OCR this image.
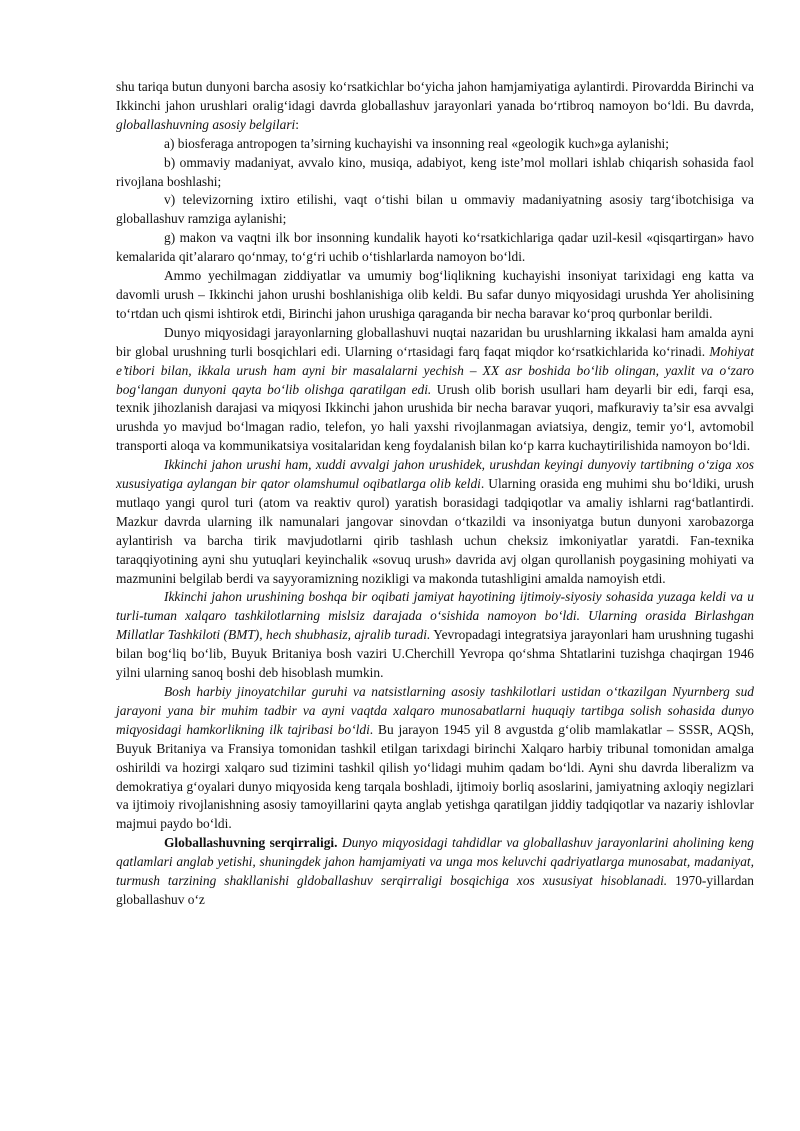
shu tariqa butun dunyoni barcha asosiy ko‘rsatkichlar bo‘yicha jahon hamjamiyatiga aylantirdi. Pirovardda Birinchi va Ikkinchi jahon urushlari oralig‘idagi davrda globallashuv jarayonlari yanada bo‘rtibroq namoyon bo‘ldi. Bu davrda, globallashuvning asosiy belgilari:

a) biosferaga antropogen ta’sirning kuchayishi va insonning real «geologik kuch»ga aylanishi;

b) ommaviy madaniyat, avvalo kino, musiqa, adabiyot, keng iste’mol mollari ishlab chiqarish sohasida faol rivojlana boshlashi;

v) televizorning ixtiro etilishi, vaqt o‘tishi bilan u ommaviy madaniyatning asosiy targ‘ibotchisiga va globallashuv ramziga aylanishi;

g) makon va vaqtni ilk bor insonning kundalik hayoti ko‘rsatkichlariga qadar uzil-kesil «qisqartirgan» havo kemalarida qit’alararo qo‘nmay, to‘g‘ri uchib o‘tishlarlarda namoyon bo‘ldi.

Ammo yechilmagan ziddiyatlar va umumiy bog‘liqlikning kuchayishi insoniyat tarixidagi eng katta va davomli urush – Ikkinchi jahon urushi boshlanishiga olib keldi. Bu safar dunyo miqyosidagi urushda Yer aholisining to‘rtdan uch qismi ishtirok etdi, Birinchi jahon urushiga qaraganda bir necha baravar ko‘proq qurbonlar berildi.

Dunyo miqyosidagi jarayonlarning globallashuvi nuqtai nazaridan bu urushlarning ikkalasi ham amalda ayni bir global urushning turli bosqichlari edi. Ularning o‘rtasidagi farq faqat miqdor ko‘rsatkichlarida ko‘rinadi. Mohiyat e’tibori bilan, ikkala urush ham ayni bir masalalarni yechish – XX asr boshida bo‘lib olingan, yaxlit va o‘zaro bog‘langan dunyoni qayta bo‘lib olishga qaratilgan edi. Urush olib borish usullari ham deyarli bir edi, farqi esa, texnik jihozlanish darajasi va miqyosi Ikkinchi jahon urushida bir necha baravar yuqori, mafkuraviy ta’sir esa avvalgi urushda yo mavjud bo‘lmagan radio, telefon, yo hali yaxshi rivojlanmagan aviatsiya, dengiz, temir yo‘l, avtomobil transporti aloqa va kommunikatsiya vositalaridan keng foydalanish bilan ko‘p karra kuchaytirilishida namoyon bo‘ldi.

Ikkinchi jahon urushi ham, xuddi avvalgi jahon urushidek, urushdan keyingi dunyoviy tartibning o‘ziga xos xususiyatiga aylangan bir qator olamshumul oqibatlarga olib keldi. Ularning orasida eng muhimi shu bo‘ldiki, urush mutlaqo yangi qurol turi (atom va reaktiv qurol) yaratish borasidagi tadqiqotlar va amaliy ishlarni rag‘batlantirdi. Mazkur davrda ularning ilk namunalari jangovar sinovdan o‘tkazildi va insoniyatga butun dunyoni xarobazorga aylantirish va barcha tirik mavjudotlarni qirib tashlash uchun cheksiz imkoniyatlar yaratdi. Fan-texnika taraqqiyotining ayni shu yutuqlari keyinchalik «sovuq urush» davrida avj olgan qurollanish poygasining mohiyati va mazmunini belgilab berdi va sayyoramizning nozikligi va makonda tutashligini amalda namoyish etdi.

Ikkinchi jahon urushining boshqa bir oqibati jamiyat hayotining ijtimoiy-siyosiy sohasida yuzaga keldi va u turli-tuman xalqaro tashkilotlarning mislsiz darajada o‘sishida namoyon bo‘ldi. Ularning orasida Birlashgan Millatlar Tashkiloti (BMT), hech shubhasiz, ajralib turadi. Yevropadagi integratsiya jarayonlari ham urushning tugashi bilan bog‘liq bo‘lib, Buyuk Britaniya bosh vaziri U.Cherchill Yevropa qo‘shma Shtatlarini tuzishga chaqirgan 1946 yilni ularning sanoq boshi deb hisoblash mumkin.

Bosh harbiy jinoyatchilar guruhi va natsistlarning asosiy tashkilotlari ustidan o‘tkazilgan Nyurnberg sud jarayoni yana bir muhim tadbir va ayni vaqtda xalqaro munosabatlarni huquqiy tartibga solish sohasida dunyo miqyosidagi hamkorlikning ilk tajribasi bo‘ldi. Bu jarayon 1945 yil 8 avgustda g‘olib mamlakatlar – SSSR, AQSh, Buyuk Britaniya va Fransiya tomonidan tashkil etilgan tarixdagi birinchi Xalqaro harbiy tribunal tomonidan amalga oshirildi va hozirgi xalqaro sud tizimini tashkil qilish yo‘lidagi muhim qadam bo‘ldi. Ayni shu davrda liberalizm va demokratiya g‘oyalari dunyo miqyosida keng tarqala boshladi, ijtimoiy borliq asoslarini, jamiyatning axloqiy negizlari va ijtimoiy rivojlanishning asosiy tamoyillarini qayta anglab yetishga qaratilgan jiddiy tadqiqotlar va nazariy ishlovlar majmui paydo bo‘ldi.

Globallashuvning serqirraligi. Dunyo miqyosidagi tahdidlar va globallashuv jarayonlarini aholining keng qatlamlari anglab yetishi, shuningdek jahon hamjamiyati va unga mos keluvchi qadriyatlarga munosabat, madaniyat, turmush tarzining shakllanishi gldoballashuv serqirraligi bosqichiga xos xususiyat hisoblanadi. 1970-yillardan globallashuv o‘z
